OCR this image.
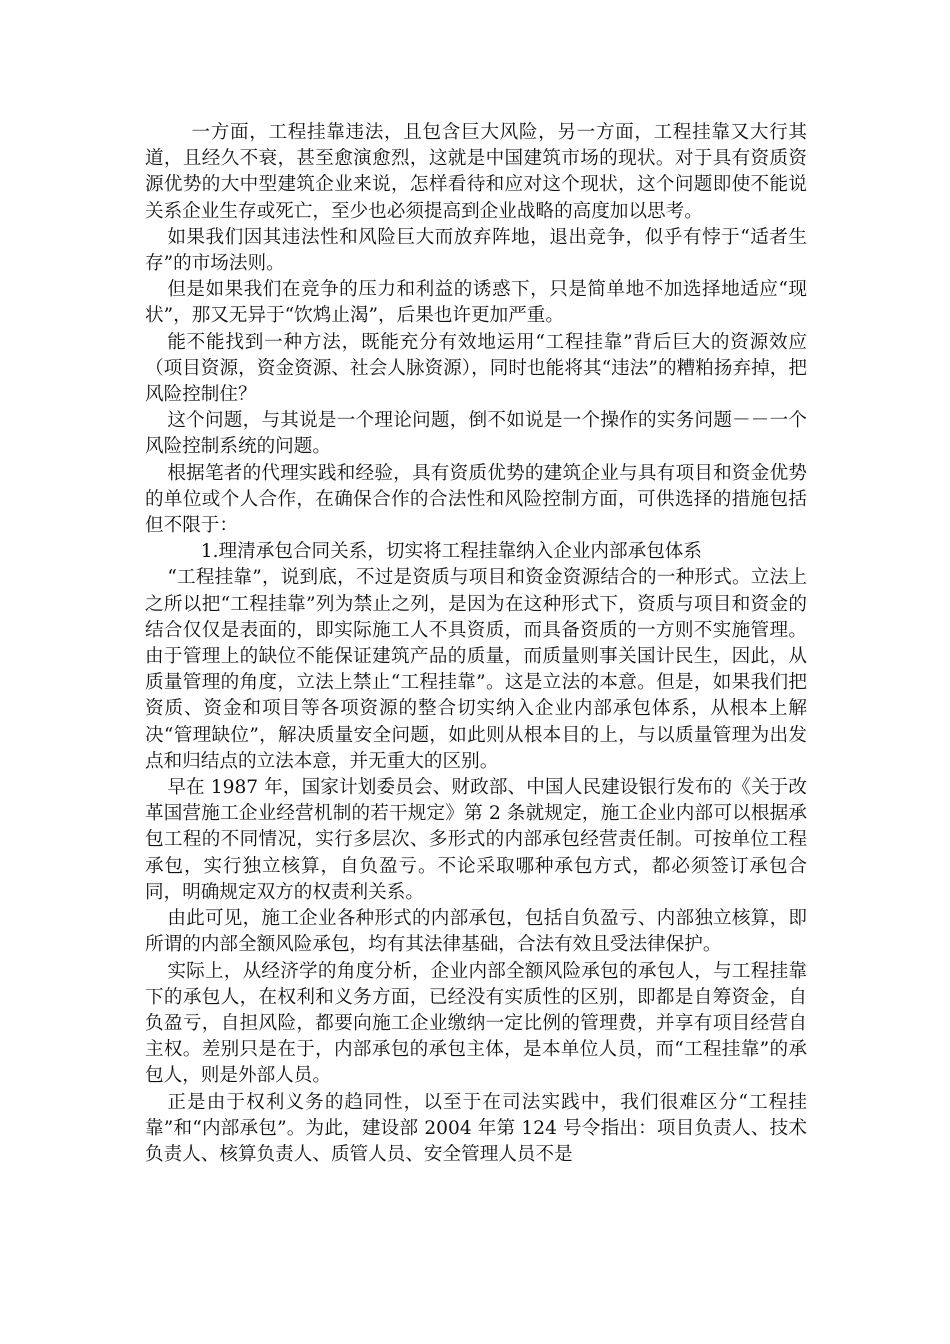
一方面，工程挂靠违法，且包含巨大风险，另一方面，工程挂靠又大行其道，且经久不衰，甚至愈演愈烈，这就是中国建筑市场的现状。对于具有资质资源优势的大中型建筑企业来说，怎样看待和应对这个现状，这个问题即使不能说关系企业生存或死亡，至少也必须提高到企业战略的高度加以思考。

如果我们因其违法性和风险巨大而放弃阵地，退出竞争，似乎有悖于“适者生存”的市场法则。

但是如果我们在竞争的压力和利益的诱惑下，只是简单地不加选择地适应“现状”，那又无异于“饮鸩止渴”，后果也许更加严重。

能不能找到一种方法，既能充分有效地运用“工程挂靠”背后巨大的资源效应（项目资源，资金资源、社会人脉资源），同时也能将其“违法”的糟粕扬弃掉，把风险控制住？

这个问题，与其说是一个理论问题，倒不如说是一个操作的实务问题－－一个风险控制系统的问题。

根据笔者的代理实践和经验，具有资质优势的建筑企业与具有项目和资金优势的单位或个人合作，在确保合作的合法性和风险控制方面，可供选择的措施包括但不限于：

1.理清承包合同关系，切实将工程挂靠纳入企业内部承包体系

“工程挂靠”，说到底，不过是资质与项目和资金资源结合的一种形式。立法上之所以把“工程挂靠”列为禁止之列，是因为在这种形式下，资质与项目和资金的结合仅仅是表面的，即实际施工人不具资质，而具备资质的一方则不实施管理。由于管理上的缺位不能保证建筑产品的质量，而质量则事关国计民生，因此，从质量管理的角度，立法上禁止“工程挂靠”。这是立法的本意。但是，如果我们把资质、资金和项目等各项资源的整合切实纳入企业内部承包体系，从根本上解决“管理缺位”，解决质量安全问题，如此则从根本目的上，与以质量管理为出发点和归结点的立法本意，并无重大的区别。

早在 1987 年，国家计划委员会、财政部、中国人民建设银行发布的《关于改革国营施工企业经营机制的若干规定》第 2 条就规定，施工企业内部可以根据承包工程的不同情况，实行多层次、多形式的内部承包经营责任制。可按单位工程承包，实行独立核算，自负盈亏。不论采取哪种承包方式，都必须签订承包合同，明确规定双方的权责利关系。

由此可见，施工企业各种形式的内部承包，包括自负盈亏、内部独立核算，即所谓的内部全额风险承包，均有其法律基础，合法有效且受法律保护。

实际上，从经济学的角度分析，企业内部全额风险承包的承包人，与工程挂靠下的承包人，在权利和义务方面，已经没有实质性的区别，即都是自筹资金，自负盈亏，自担风险，都要向施工企业缴纳一定比例的管理费，并享有项目经营自主权。差别只是在于，内部承包的承包主体，是本单位人员，而“工程挂靠”的承包人，则是外部人员。

正是由于权利义务的趋同性，以至于在司法实践中，我们很难区分“工程挂靠”和“内部承包”。为此，建设部 2004 年第 124 号令指出：项目负责人、技术负责人、核算负责人、质管人员、安全管理人员不是
